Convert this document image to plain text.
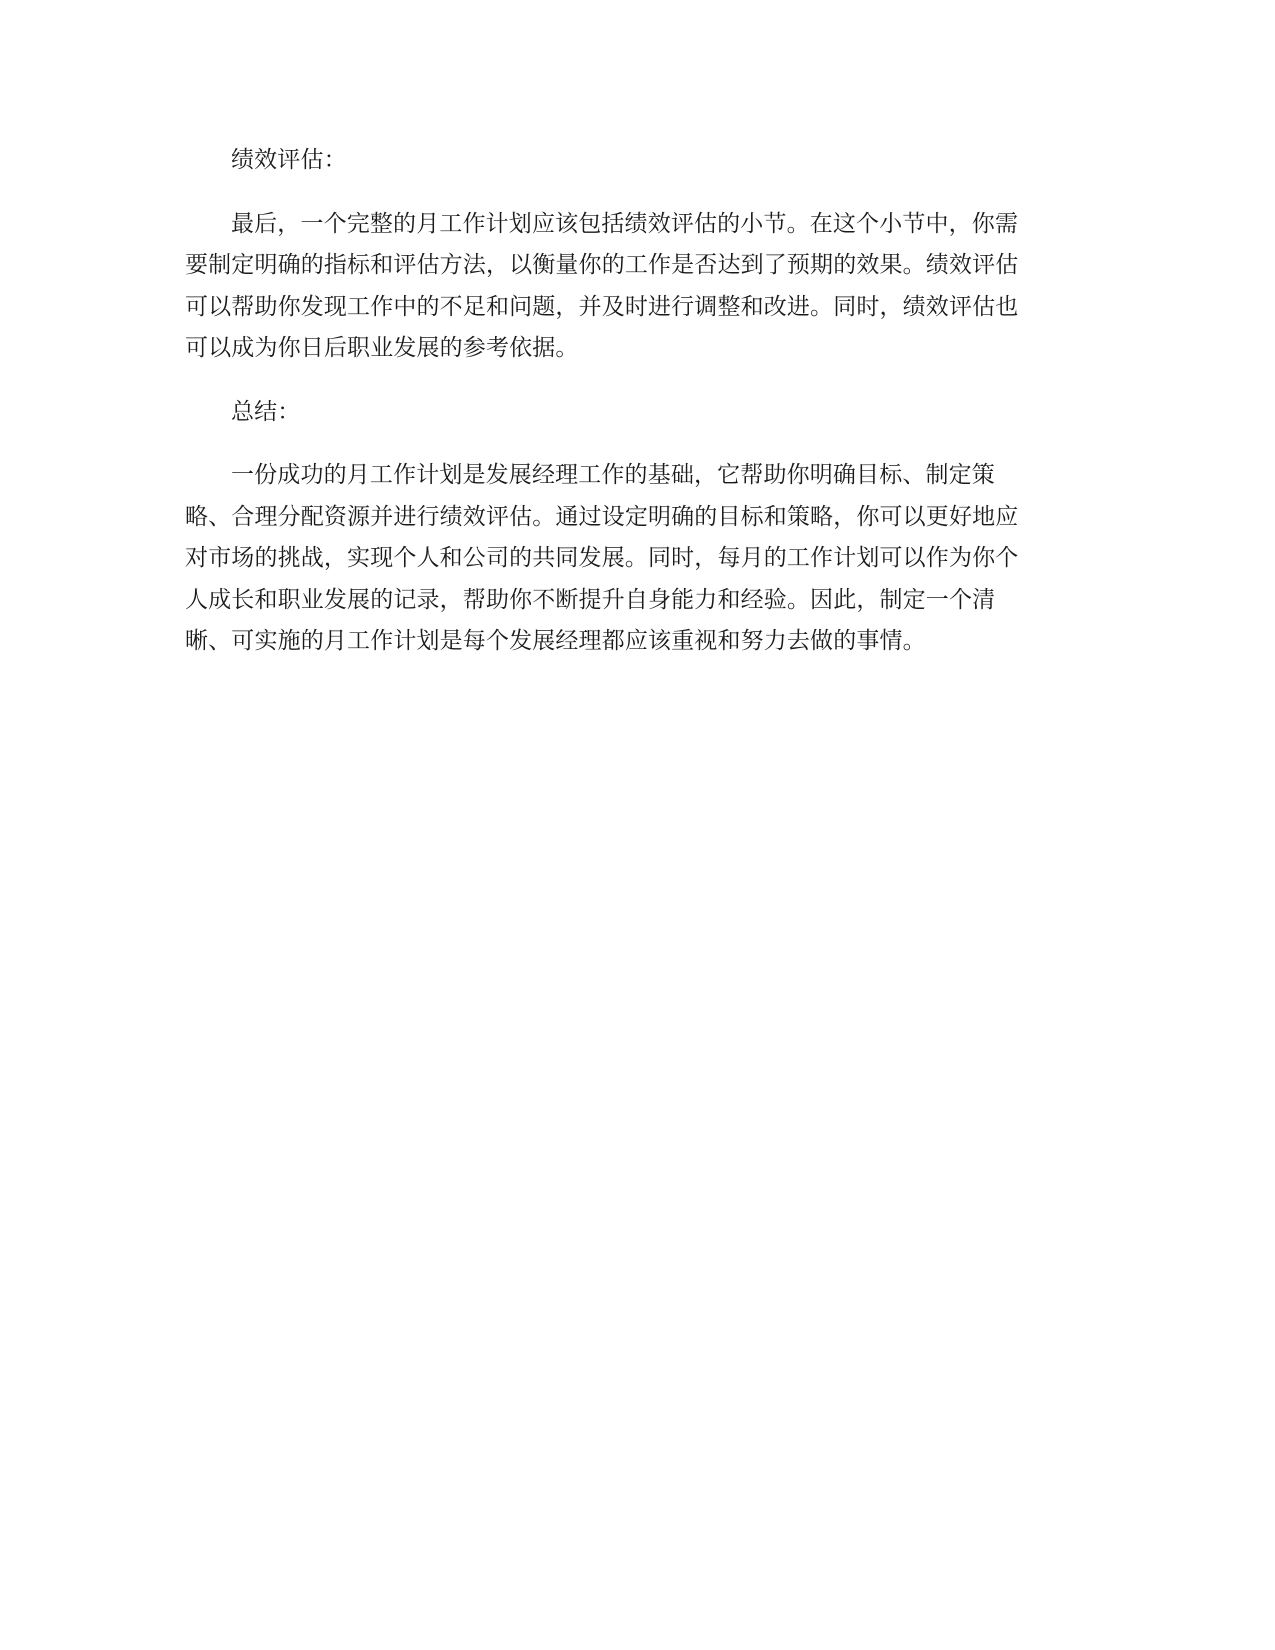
绩效评估：
最后，一个完整的月工作计划应该包括绩效评估的小节。在这个小节中，你需
要制定明确的指标和评估方法，以衡量你的工作是否达到了预期的效果。绩效评估
可以帮助你发现工作中的不足和问题，并及时进行调整和改进。同时，绩效评估也
可以成为你日后职业发展的参考依据。
总结：
一份成功的月工作计划是发展经理工作的基础，它帮助你明确目标、制定策
略、合理分配资源并进行绩效评估。通过设定明确的目标和策略，你可以更好地应
对市场的挑战，实现个人和公司的共同发展。同时，每月的工作计划可以作为你个
人成长和职业发展的记录，帮助你不断提升自身能力和经验。因此，制定一个清
晰、可实施的月工作计划是每个发展经理都应该重视和努力去做的事情。
